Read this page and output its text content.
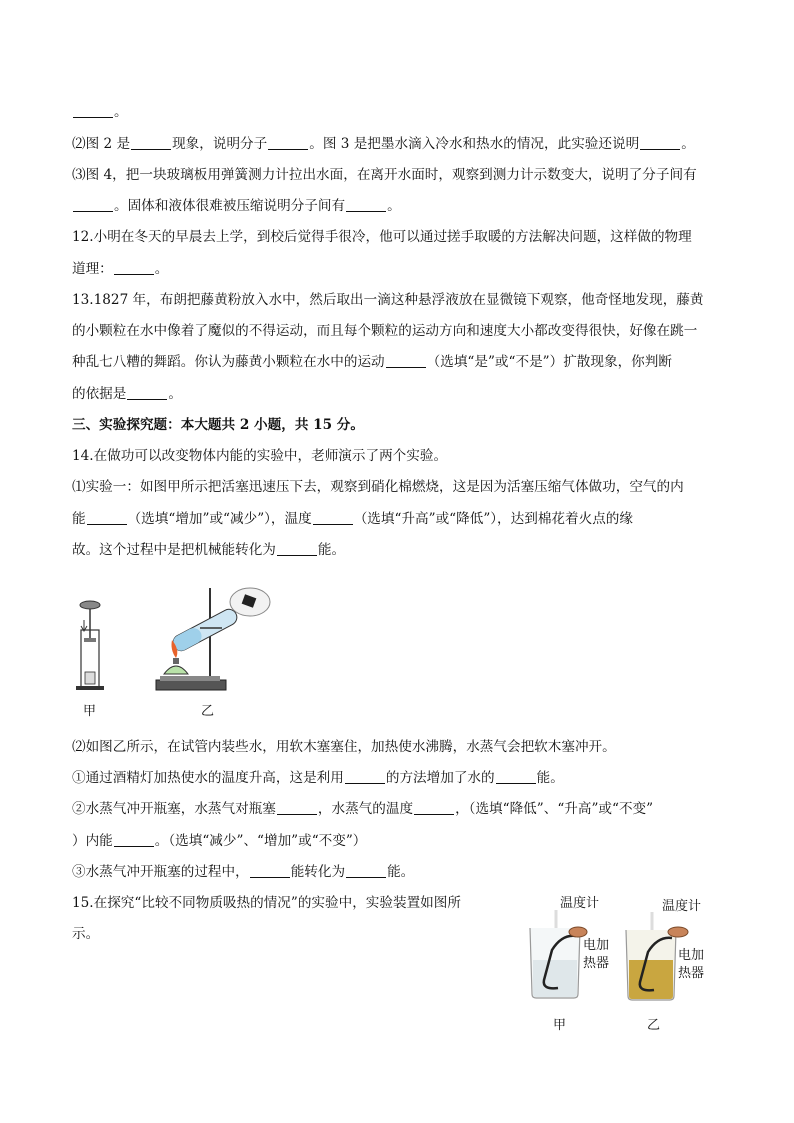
。
⑵图 2 是	现象，说明分子	。图 3 是把墨水滴入冷水和热水的情况，此实验还说明	。
⑶图 4，把一块玻璃板用弹簧测力计拉出水面，在离开水面时，观察到测力计示数变大，说明了分子间有
。固体和液体很难被压缩说明分子间有	。
12.小明在冬天的早晨去上学，到校后觉得手很冷，他可以通过搓手取暖的方法解决问题，这样做的物理
道理：	。
13.1827 年，布朗把藤黄粉放入水中，然后取出一滴这种悬浮液放在显微镜下观察，他奇怪地发现，藤黄
的小颗粒在水中像着了魔似的不得运动，而且每个颗粒的运动方向和速度大小都改变得很快，好像在跳一
种乱七八糟的舞蹈。你认为藤黄小颗粒在水中的运动	（选填“是”或“不是”）扩散现象，你判断
的依据是	。
三、实验探究题：本大题共 2 小题，共 15 分。
14.在做功可以改变物体内能的实验中，老师演示了两个实验。
⑴实验一：如图甲所示把活塞迅速压下去，观察到硝化棉燃烧，这是因为活塞压缩气体做功，空气的内
能	（选填“增加”或“减少”），温度	（选填“升高”或“降低”），达到棉花着火点的缘
故。这个过程中是把机械能转化为	能。
甲	乙
⑵如图乙所示，在试管内装些水，用软木塞塞住，加热使水沸腾，水蒸气会把软木塞冲开。
①通过酒精灯加热使水的温度升高，这是利用	的方法增加了水的	能。
②水蒸气冲开瓶塞，水蒸气对瓶塞	，水蒸气的温度	，（选填“降低”、“升高”或“不变”
）内能	。（选填“减少”、“增加”或“不变”）
③水蒸气冲开瓶塞的过程中，	能转化为	能。
15.在探究“比较不同物质吸热的情况”的实验中，实验装置如图所
示。
温度计	温度计
电加
热器
电加
热器
甲	乙
